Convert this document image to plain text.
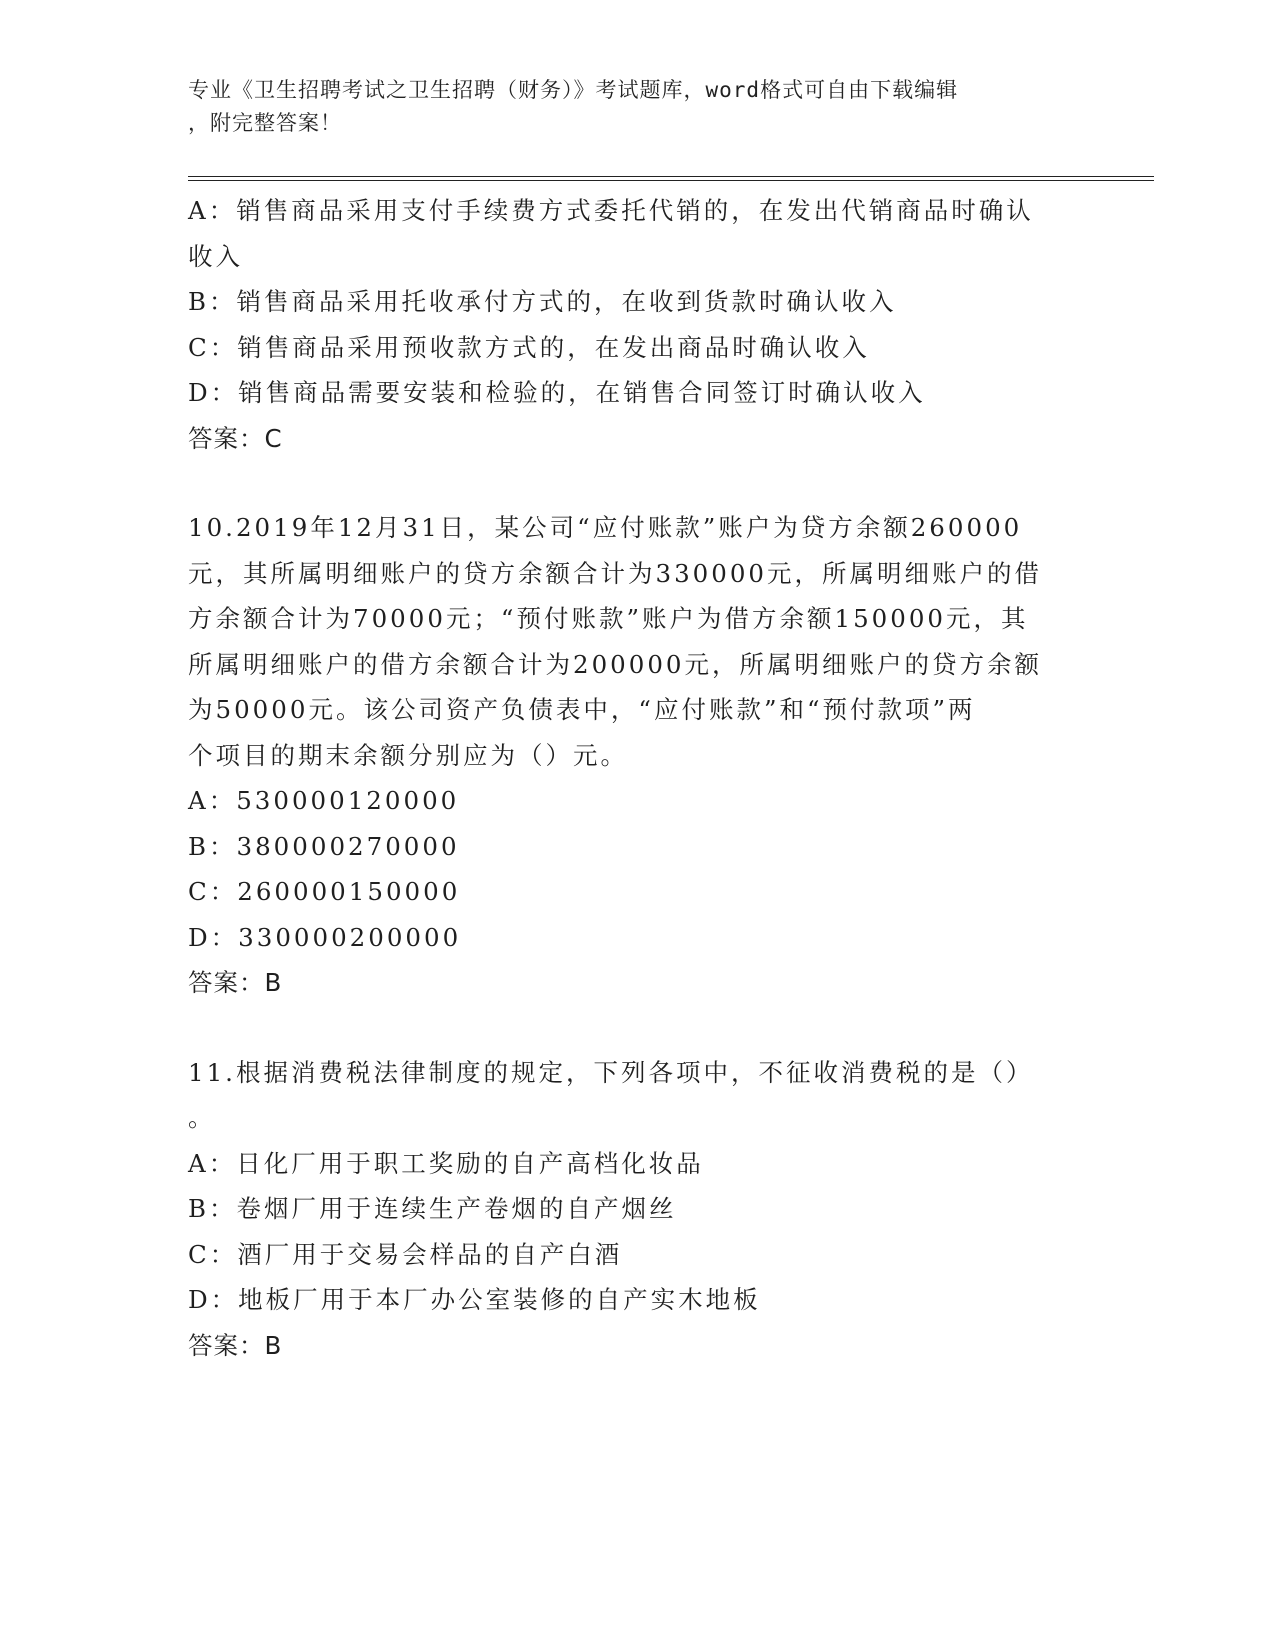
专业《卫生招聘考试之卫生招聘（财务）》考试题库，word格式可自由下载编辑
，附完整答案！
A：销售商品采用支付手续费方式委托代销的，在发出代销商品时确认
收入
B：销售商品采用托收承付方式的，在收到货款时确认收入
C：销售商品采用预收款方式的，在发出商品时确认收入
D：销售商品需要安装和检验的，在销售合同签订时确认收入
答案：C
10.2019年12月31日，某公司“应付账款”账户为贷方余额260000
元，其所属明细账户的贷方余额合计为330000元，所属明细账户的借
方余额合计为70000元；“预付账款”账户为借方余额150000元，其
所属明细账户的借方余额合计为200000元，所属明细账户的贷方余额
为50000元。该公司资产负债表中，“应付账款”和“预付款项”两
个项目的期末余额分别应为（）元。
A：530000120000
B：380000270000
C：260000150000
D：330000200000
答案：B
11.根据消费税法律制度的规定，下列各项中，不征收消费税的是（）
。
A：日化厂用于职工奖励的自产高档化妆品
B：卷烟厂用于连续生产卷烟的自产烟丝
C：酒厂用于交易会样品的自产白酒
D：地板厂用于本厂办公室装修的自产实木地板
答案：B
